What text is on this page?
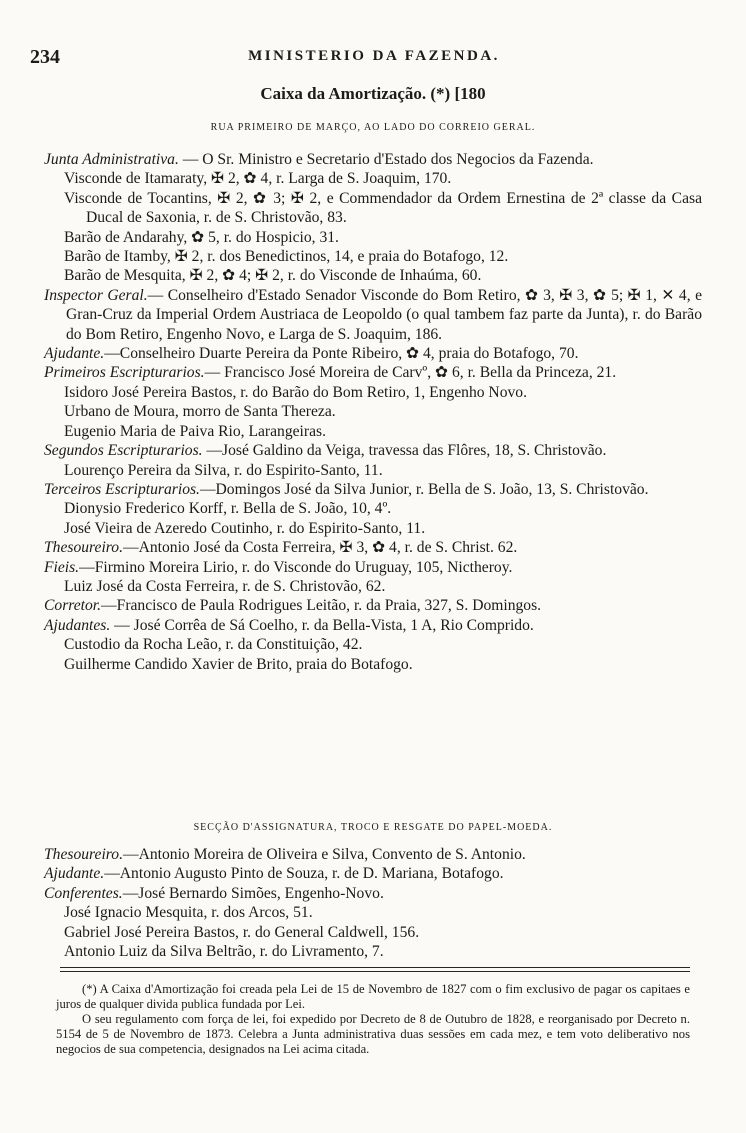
234	MINISTERIO DA FAZENDA.
Caixa da Amortização. (*) [180
RUA PRIMEIRO DE MARÇO, AO LADO DO CORREIO GERAL.

Junta Administrativa. — O Sr. Ministro e Secretario d'Estado dos Negocios da Fazenda.

Visconde de Itamaraty, ✠ 2, ✿ 4, r. Larga de S. Joaquim, 170.

Visconde de Tocantins, ✠ 2, ✿ 3; ✠ 2, e Commendador da Ordem Ernestina de 2ª classe da Casa Ducal de Saxonia, r. de S. Christovão, 83.

Barão de Andarahy, ✿ 5, r. do Hospicio, 31.

Barão de Itamby, ✠ 2, r. dos Benedictinos, 14, e praia do Botafogo, 12.

Barão de Mesquita, ✠ 2, ✿ 4; ✠ 2, r. do Visconde de Inhaúma, 60.

Inspector Geral.— Conselheiro d'Estado Senador Visconde do Bom Retiro, ✿ 3, ✠ 3, ✿ 5; ✠ 1, ✕ 4, e Gran-Cruz da Imperial Ordem Austriaca de Leopoldo (o qual tambem faz parte da Junta), r. do Barão do Bom Retiro, Engenho Novo, e Larga de S. Joaquim, 186.

Ajudante.—Conselheiro Duarte Pereira da Ponte Ribeiro, ✿ 4, praia do Botafogo, 70.

Primeiros Escripturarios.— Francisco José Moreira de Carvº, ✿ 6, r. Bella da Princeza, 21.

Isidoro José Pereira Bastos, r. do Barão do Bom Retiro, 1, Engenho Novo.

Urbano de Moura, morro de Santa Thereza.

Eugenio Maria de Paiva Rio, Larangeiras.

Segundos Escripturarios. —José Galdino da Veiga, travessa das Flôres, 18, S. Christovão.

Lourenço Pereira da Silva, r. do Espirito-Santo, 11.

Terceiros Escripturarios.—Domingos José da Silva Junior, r. Bella de S. João, 13, S. Christovão.

Dionysio Frederico Korff, r. Bella de S. João, 10, 4º.

José Vieira de Azeredo Coutinho, r. do Espirito-Santo, 11.

Thesoureiro.—Antonio José da Costa Ferreira, ✠ 3, ✿ 4, r. de S. Christ. 62.

Fieis.—Firmino Moreira Lirio, r. do Visconde do Uruguay, 105, Nictheroy.

Luiz José da Costa Ferreira, r. de S. Christovão, 62.

Corretor.—Francisco de Paula Rodrigues Leitão, r. da Praia, 327, S. Domingos.

Ajudantes. — José Corrêa de Sá Coelho, r. da Bella-Vista, 1 A, Rio Comprido.

Custodio da Rocha Leão, r. da Constituição, 42.

Guilherme Candido Xavier de Brito, praia do Botafogo.

SECÇÃO D'ASSIGNATURA, TROCO E RESGATE DO PAPEL-MOEDA.

Thesoureiro.—Antonio Moreira de Oliveira e Silva, Convento de S. Antonio.

Ajudante.—Antonio Augusto Pinto de Souza, r. de D. Mariana, Botafogo.

Conferentes.—José Bernardo Simões, Engenho-Novo.

José Ignacio Mesquita, r. dos Arcos, 51.

Gabriel José Pereira Bastos, r. do General Caldwell, 156.

Antonio Luiz da Silva Beltrão, r. do Livramento, 7.

(*) A Caixa d'Amortização foi creada pela Lei de 15 de Novembro de 1827 com o fim exclusivo de pagar os capitaes e juros de qualquer divida publica fundada por Lei.

O seu regulamento com força de lei, foi expedido por Decreto de 8 de Outubro de 1828, e reorganisado por Decreto n. 5154 de 5 de Novembro de 1873. Celebra a Junta administrativa duas sessões em cada mez, e tem voto deliberativo nos negocios de sua competencia, designados na Lei acima citada.
